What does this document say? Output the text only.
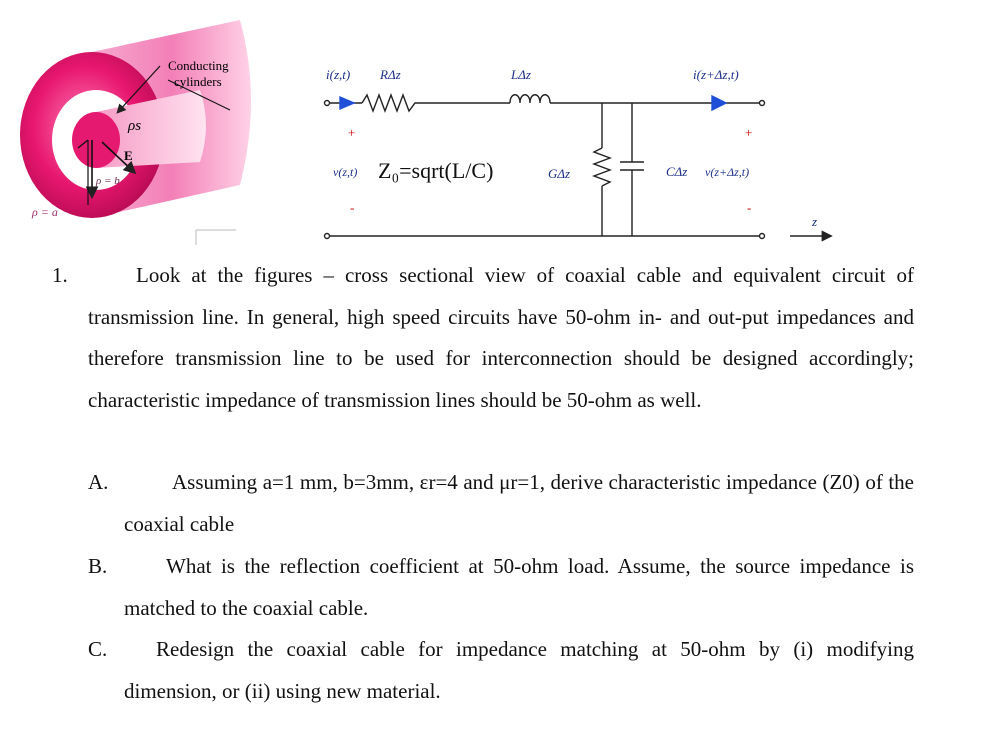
Conducting
cylinders
ρs
E
ρ = b
ρ = a
i(z,t) RΔz	LΔz	i(z+Δz,t)
+
v(z,t)
-
Z₀=sqrt(L/C)	GΔz	CΔz
+
v(z+Δz,t)
-
z
1.	Look at the figures – cross sectional view of coaxial cable and equivalent circuit of transmission line. In general, high speed circuits have 50-ohm in- and out-put impedances and therefore transmission line to be used for interconnection should be designed accordingly; characteristic impedance of transmission lines should be 50-ohm as well.
A.	Assuming a=1 mm, b=3mm, εr=4 and μr=1, derive characteristic impedance (Z0) of the coaxial cable
B.	What is the reflection coefficient at 50-ohm load. Assume, the source impedance is matched to the coaxial cable.
C.	Redesign the coaxial cable for impedance matching at 50-ohm by (i) modifying dimension, or (ii) using new material.
